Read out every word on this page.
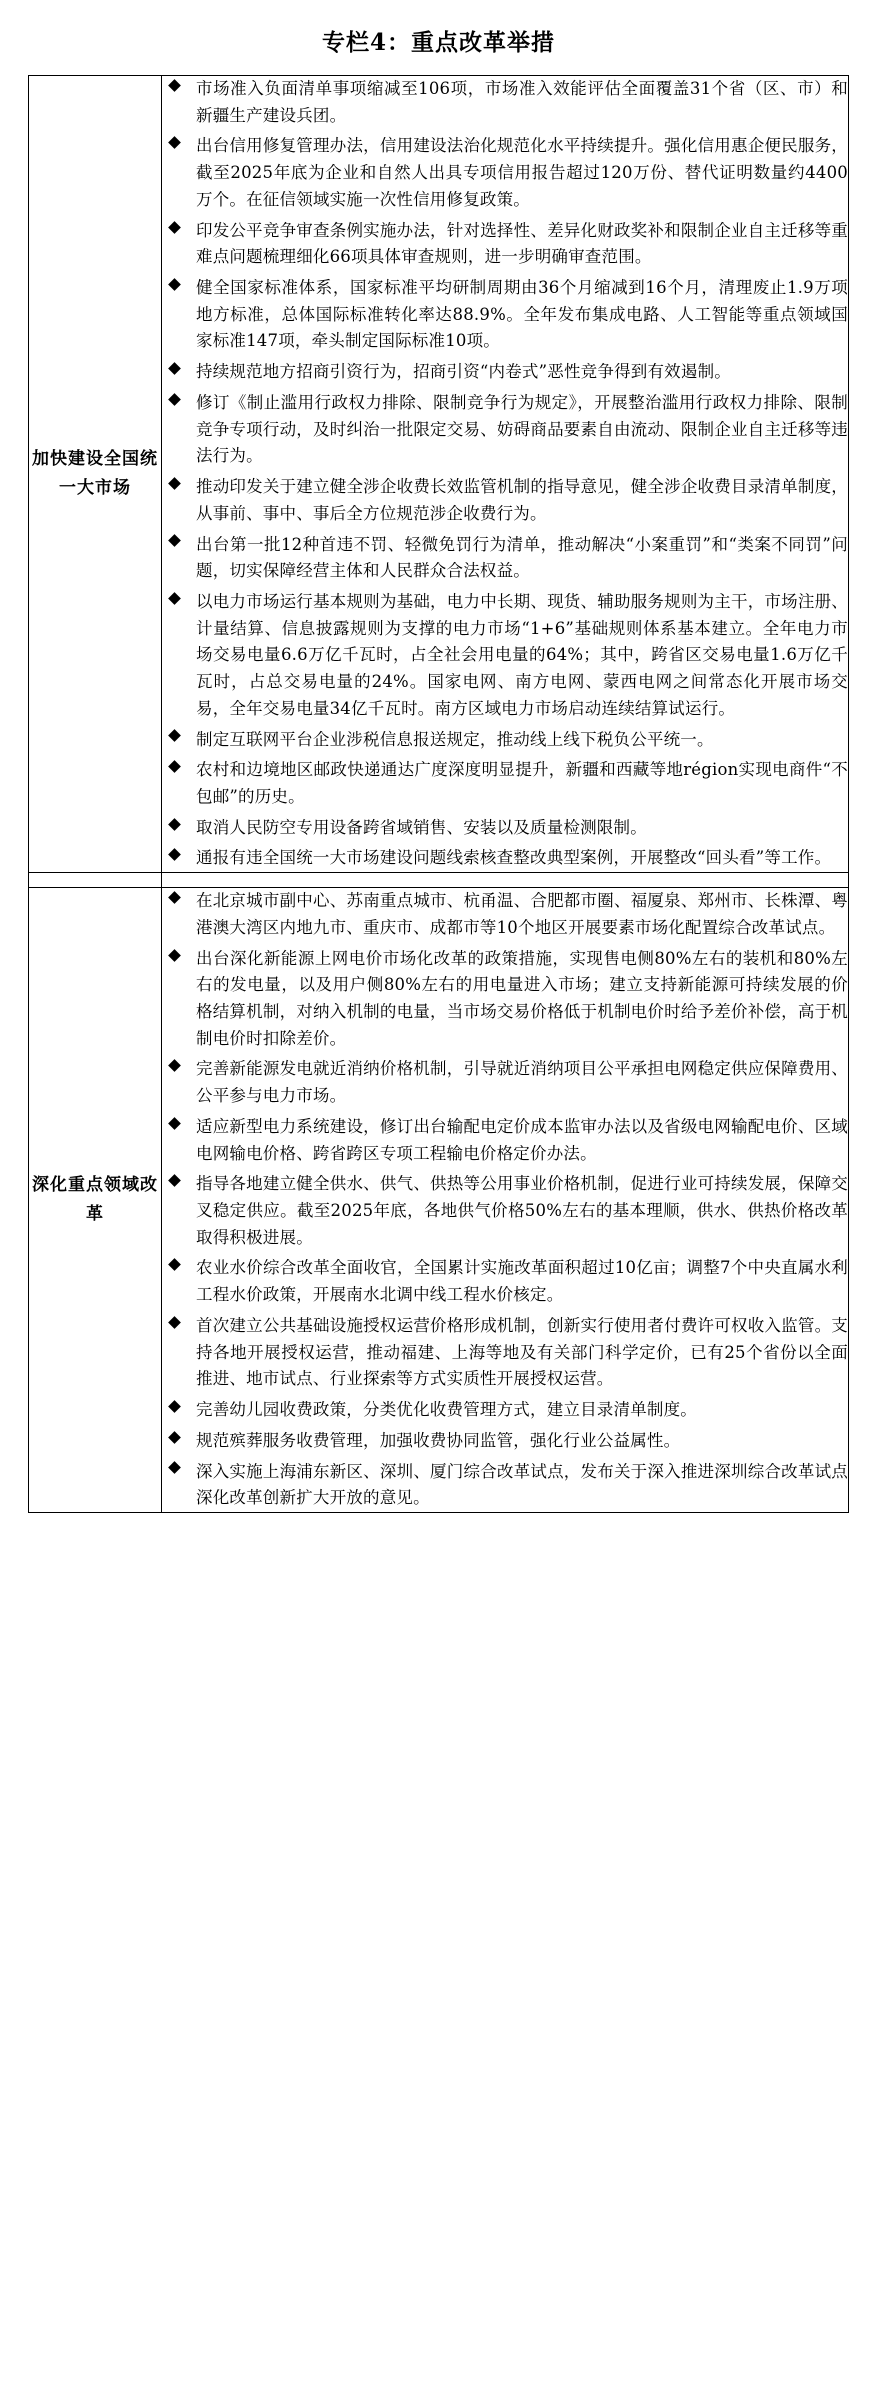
专栏4：重点改革举措
加快建设全国统一大市场	
市场准入负面清单事项缩减至106项，市场准入效能评估全面覆盖31个省（区、市）和新疆生产建设兵团。
出台信用修复管理办法，信用建设法治化规范化水平持续提升。强化信用惠企便民服务，截至2025年底为企业和自然人出具专项信用报告超过120万份、替代证明数量约4400万个。在征信领域实施一次性信用修复政策。
印发公平竞争审查条例实施办法，针对选择性、差异化财政奖补和限制企业自主迁移等重难点问题梳理细化66项具体审查规则，进一步明确审查范围。
健全国家标准体系，国家标准平均研制周期由36个月缩减到16个月，清理废止1.9万项地方标准，总体国际标准转化率达88.9%。全年发布集成电路、人工智能等重点领域国家标准147项，牵头制定国际标准10项。
持续规范地方招商引资行为，招商引资“内卷式”恶性竞争得到有效遏制。
修订《制止滥用行政权力排除、限制竞争行为规定》，开展整治滥用行政权力排除、限制竞争专项行动，及时纠治一批限定交易、妨碍商品要素自由流动、限制企业自主迁移等违法行为。
推动印发关于建立健全涉企收费长效监管机制的指导意见，健全涉企收费目录清单制度，从事前、事中、事后全方位规范涉企收费行为。
出台第一批12种首违不罚、轻微免罚行为清单，推动解决“小案重罚”和“类案不同罚”问题，切实保障经营主体和人民群众合法权益。
以电力市场运行基本规则为基础，电力中长期、现货、辅助服务规则为主干，市场注册、计量结算、信息披露规则为支撑的电力市场“1+6”基础规则体系基本建立。全年电力市场交易电量6.6万亿千瓦时，占全社会用电量的64%；其中，跨省区交易电量1.6万亿千瓦时，占总交易电量的24%。国家电网、南方电网、蒙西电网之间常态化开展市场交易，全年交易电量34亿千瓦时。南方区域电力市场启动连续结算试运行。
制定互联网平台企业涉税信息报送规定，推动线上线下税负公平统一。
农村和边境地区邮政快递通达广度深度明显提升，新疆和西藏等地région实现电商件“不包邮”的历史。
取消人民防空专用设备跨省域销售、安装以及质量检测限制。
通报有违全国统一大市场建设问题线索核查整改典型案例，开展整改“回头看”等工作。

深化重点领域改革	
在北京城市副中心、苏南重点城市、杭甬温、合肥都市圈、福厦泉、郑州市、长株潭、粤港澳大湾区内地九市、重庆市、成都市等10个地区开展要素市场化配置综合改革试点。
出台深化新能源上网电价市场化改革的政策措施，实现售电侧80%左右的装机和80%左右的发电量，以及用户侧80%左右的用电量进入市场；建立支持新能源可持续发展的价格结算机制，对纳入机制的电量，当市场交易价格低于机制电价时给予差价补偿，高于机制电价时扣除差价。
完善新能源发电就近消纳价格机制，引导就近消纳项目公平承担电网稳定供应保障费用、公平参与电力市场。
适应新型电力系统建设，修订出台输配电定价成本监审办法以及省级电网输配电价、区域电网输电价格、跨省跨区专项工程输电价格定价办法。
指导各地建立健全供水、供气、供热等公用事业价格机制，促进行业可持续发展，保障交叉稳定供应。截至2025年底，各地供气价格50%左右的基本理顺，供水、供热价格改革取得积极进展。
农业水价综合改革全面收官，全国累计实施改革面积超过10亿亩；调整7个中央直属水利工程水价政策，开展南水北调中线工程水价核定。
首次建立公共基础设施授权运营价格形成机制，创新实行使用者付费许可权收入监管。支持各地开展授权运营，推动福建、上海等地及有关部门科学定价，已有25个省份以全面推进、地市试点、行业探索等方式实质性开展授权运营。
完善幼儿园收费政策，分类优化收费管理方式，建立目录清单制度。
规范殡葬服务收费管理，加强收费协同监管，强化行业公益属性。
深入实施上海浦东新区、深圳、厦门综合改革试点，发布关于深入推进深圳综合改革试点深化改革创新扩大开放的意见。
